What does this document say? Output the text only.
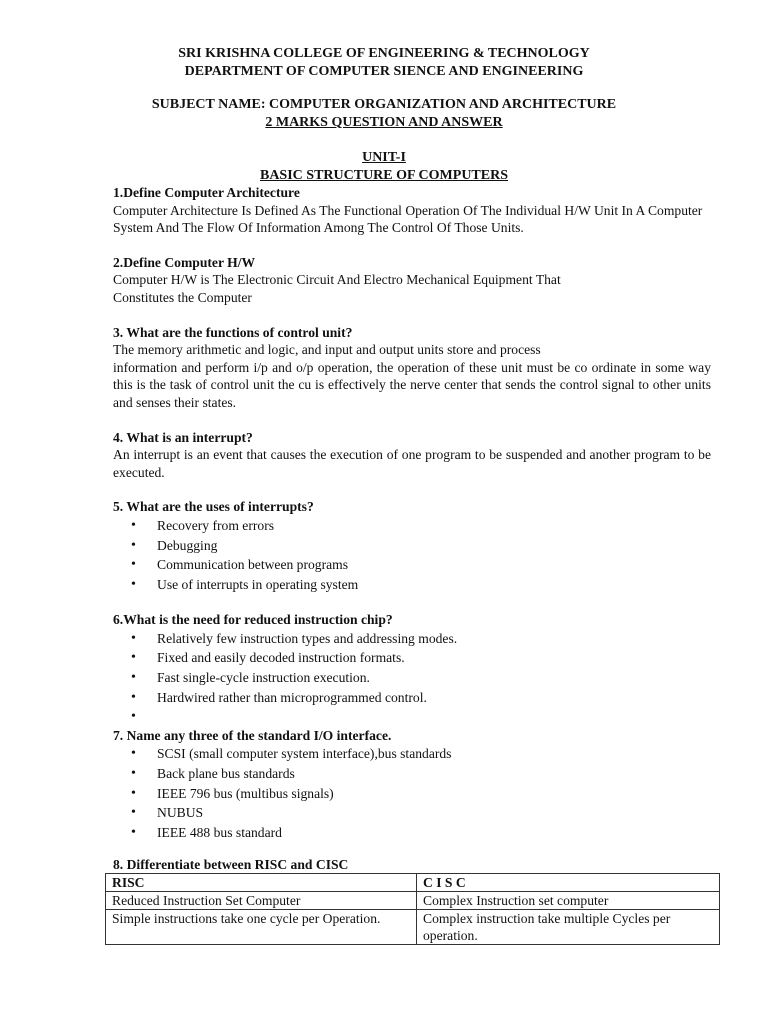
SRI KRISHNA COLLEGE OF ENGINEERING & TECHNOLOGY
DEPARTMENT OF COMPUTER SIENCE AND ENGINEERING
SUBJECT NAME: COMPUTER ORGANIZATION AND ARCHITECTURE
2 MARKS QUESTION AND ANSWER
UNIT-I
BASIC STRUCTURE OF COMPUTERS
1.Define Computer Architecture

Computer Architecture Is Defined As The Functional Operation Of The Individual H/W Unit In A Computer System And The Flow Of Information Among The Control Of Those Units.

2.Define Computer H/W
Computer H/W is The Electronic Circuit And Electro Mechanical Equipment That
Constitutes the Computer
3. What are the functions of control unit?
The memory arithmetic and logic, and input and output units store and process

information and perform i/p and o/p operation, the operation of these unit must be co ordinate in some way this is the task of control unit the cu is effectively the nerve center that sends the control signal to other units and senses their states.

4. What is an interrupt?

An interrupt is an event that causes the execution of one program to be suspended and another program to be executed.

5. What are the uses of interrupts?
• Recovery from errors
• Debugging
• Communication between programs
• Use of interrupts in operating system
6.What is the need for reduced instruction chip?
• Relatively few instruction types and addressing modes.
• Fixed and easily decoded instruction formats.
• Fast single-cycle instruction execution.
• Hardwired rather than microprogrammed control.
•
7. Name any three of the standard I/O interface.
• SCSI (small computer system interface),bus standards
• Back plane bus standards
• IEEE 796 bus (multibus signals)
• NUBUS
• IEEE 488 bus standard
8. Differentiate between RISC and CISC
RISC	C I S C
Reduced Instruction Set Computer	Complex Instruction set computer
Simple instructions take one cycle per Operation.	Complex instruction take multiple Cycles per operation.
